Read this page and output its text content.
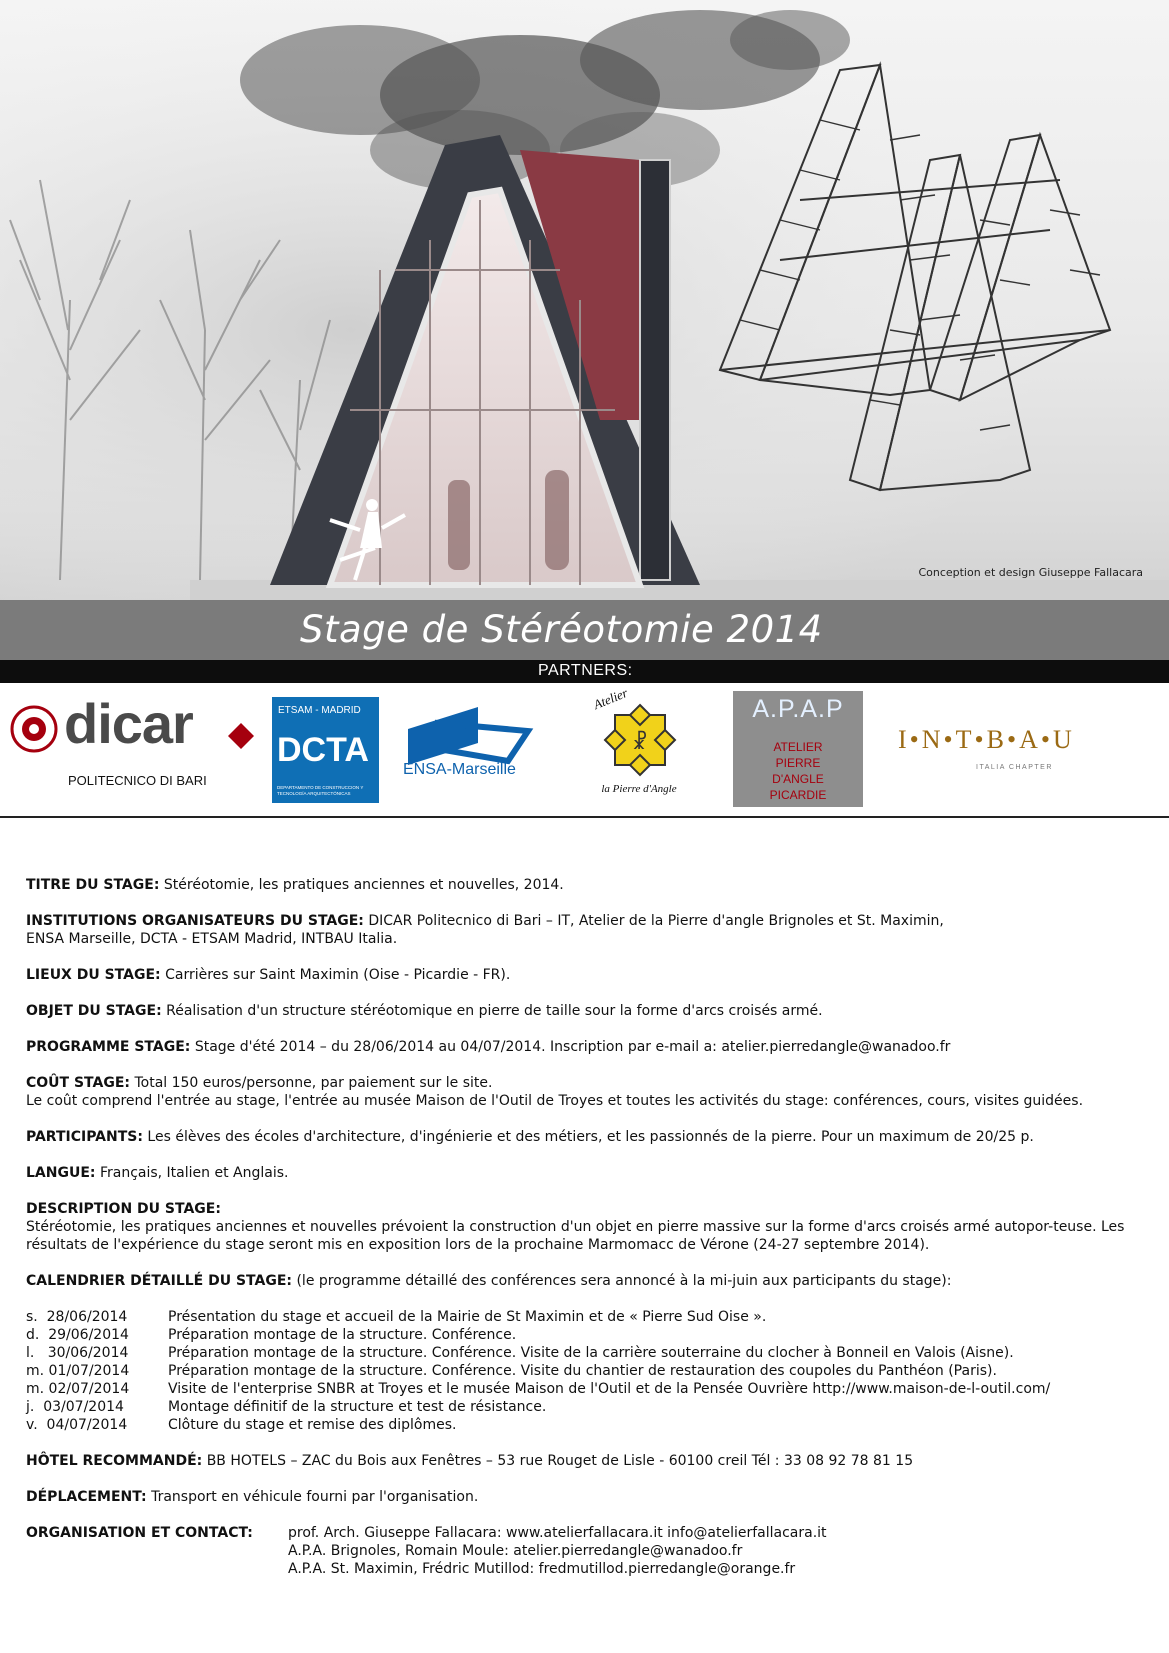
Conception et design Giuseppe Fallacara
Stage de Stéréotomie 2014
PARTNERS:
dicar
POLITECNICO DI BARI
ETSAM - MADRID
DCTA
DEPARTAMENTO DE CONSTRUCCION Y TECNOLOGÍA ARQUITECTÓNICAS
ENSA-Marseille
☧
Atelier
la Pierre d'Angle
A.P.A.P
ATELIER
PIERRE
D'ANGLE
PICARDIE
I•N•T•B•A•U
ITALIA CHAPTER

TITRE DU STAGE: Stéréotomie, les pratiques anciennes et nouvelles, 2014.

INSTITUTIONS ORGANISATEURS DU STAGE: DICAR Politecnico di Bari – IT, Atelier de la Pierre d'angle Brignoles et St. Maximin,
ENSA Marseille, DCTA - ETSAM Madrid, INTBAU Italia.

LIEUX DU STAGE: Carrières sur Saint Maximin (Oise - Picardie - FR).

OBJET DU STAGE: Réalisation d'un structure stéréotomique en pierre de taille sour la forme d'arcs croisés armé.

PROGRAMME STAGE: Stage d'été 2014 – du 28/06/2014 au 04/07/2014. Inscription par e-mail a: atelier.pierredangle@wanadoo.fr

COÛT STAGE: Total 150 euros/personne, par paiement sur le site.
Le coût comprend l'entrée au stage, l'entrée au musée Maison de l'Outil de Troyes et toutes les activités du stage: conférences, cours, visites guidées.

PARTICIPANTS: Les élèves des écoles d'architecture, d'ingénierie et des métiers, et les passionnés de la pierre. Pour un maximum de 20/25 p.

LANGUE: Français, Italien et Anglais.

DESCRIPTION DU STAGE:
Stéréotomie, les pratiques anciennes et nouvelles prévoient la construction d'un objet en pierre massive sur la forme d'arcs croisés armé autopor-teuse. Les résultats de l'expérience du stage seront mis en exposition lors de la prochaine Marmomacc de Vérone (24-27 septembre 2014).

CALENDRIER DÉTAILLÉ DU STAGE: (le programme détaillé des conférences sera annoncé à la mi-juin aux participants du stage):

s.  28/06/2014	Présentation du stage et accueil de la Mairie de St Maximin et de « Pierre Sud Oise ».
d.  29/06/2014	Préparation montage de la structure. Conférence.
l.   30/06/2014	Préparation montage de la structure. Conférence. Visite de la carrière souterraine du clocher à Bonneil en Valois (Aisne).
m. 01/07/2014	Préparation montage de la structure. Conférence. Visite du chantier de restauration des coupoles du Panthéon (Paris).
m. 02/07/2014	Visite de l'enterprise SNBR at Troyes et le musée Maison de l'Outil et de la Pensée Ouvrière http://www.maison-de-l-outil.com/
j.  03/07/2014	Montage définitif de la structure et test de résistance.
v.  04/07/2014	Clôture du stage et remise des diplômes.

HÔTEL RECOMMANDÉ: BB HOTELS – ZAC du Bois aux Fenêtres – 53 rue Rouget de Lisle - 60100 creil Tél : 33 08 92 78 81 15

DÉPLACEMENT: Transport en véhicule fourni par l'organisation.

ORGANISATION ET CONTACT:	prof. Arch. Giuseppe Fallacara: www.atelierfallacara.it info@atelierfallacara.it
A.P.A. Brignoles, Romain Moule: atelier.pierredangle@wanadoo.fr
A.P.A. St. Maximin, Frédric Mutillod: fredmutillod.pierredangle@orange.fr
